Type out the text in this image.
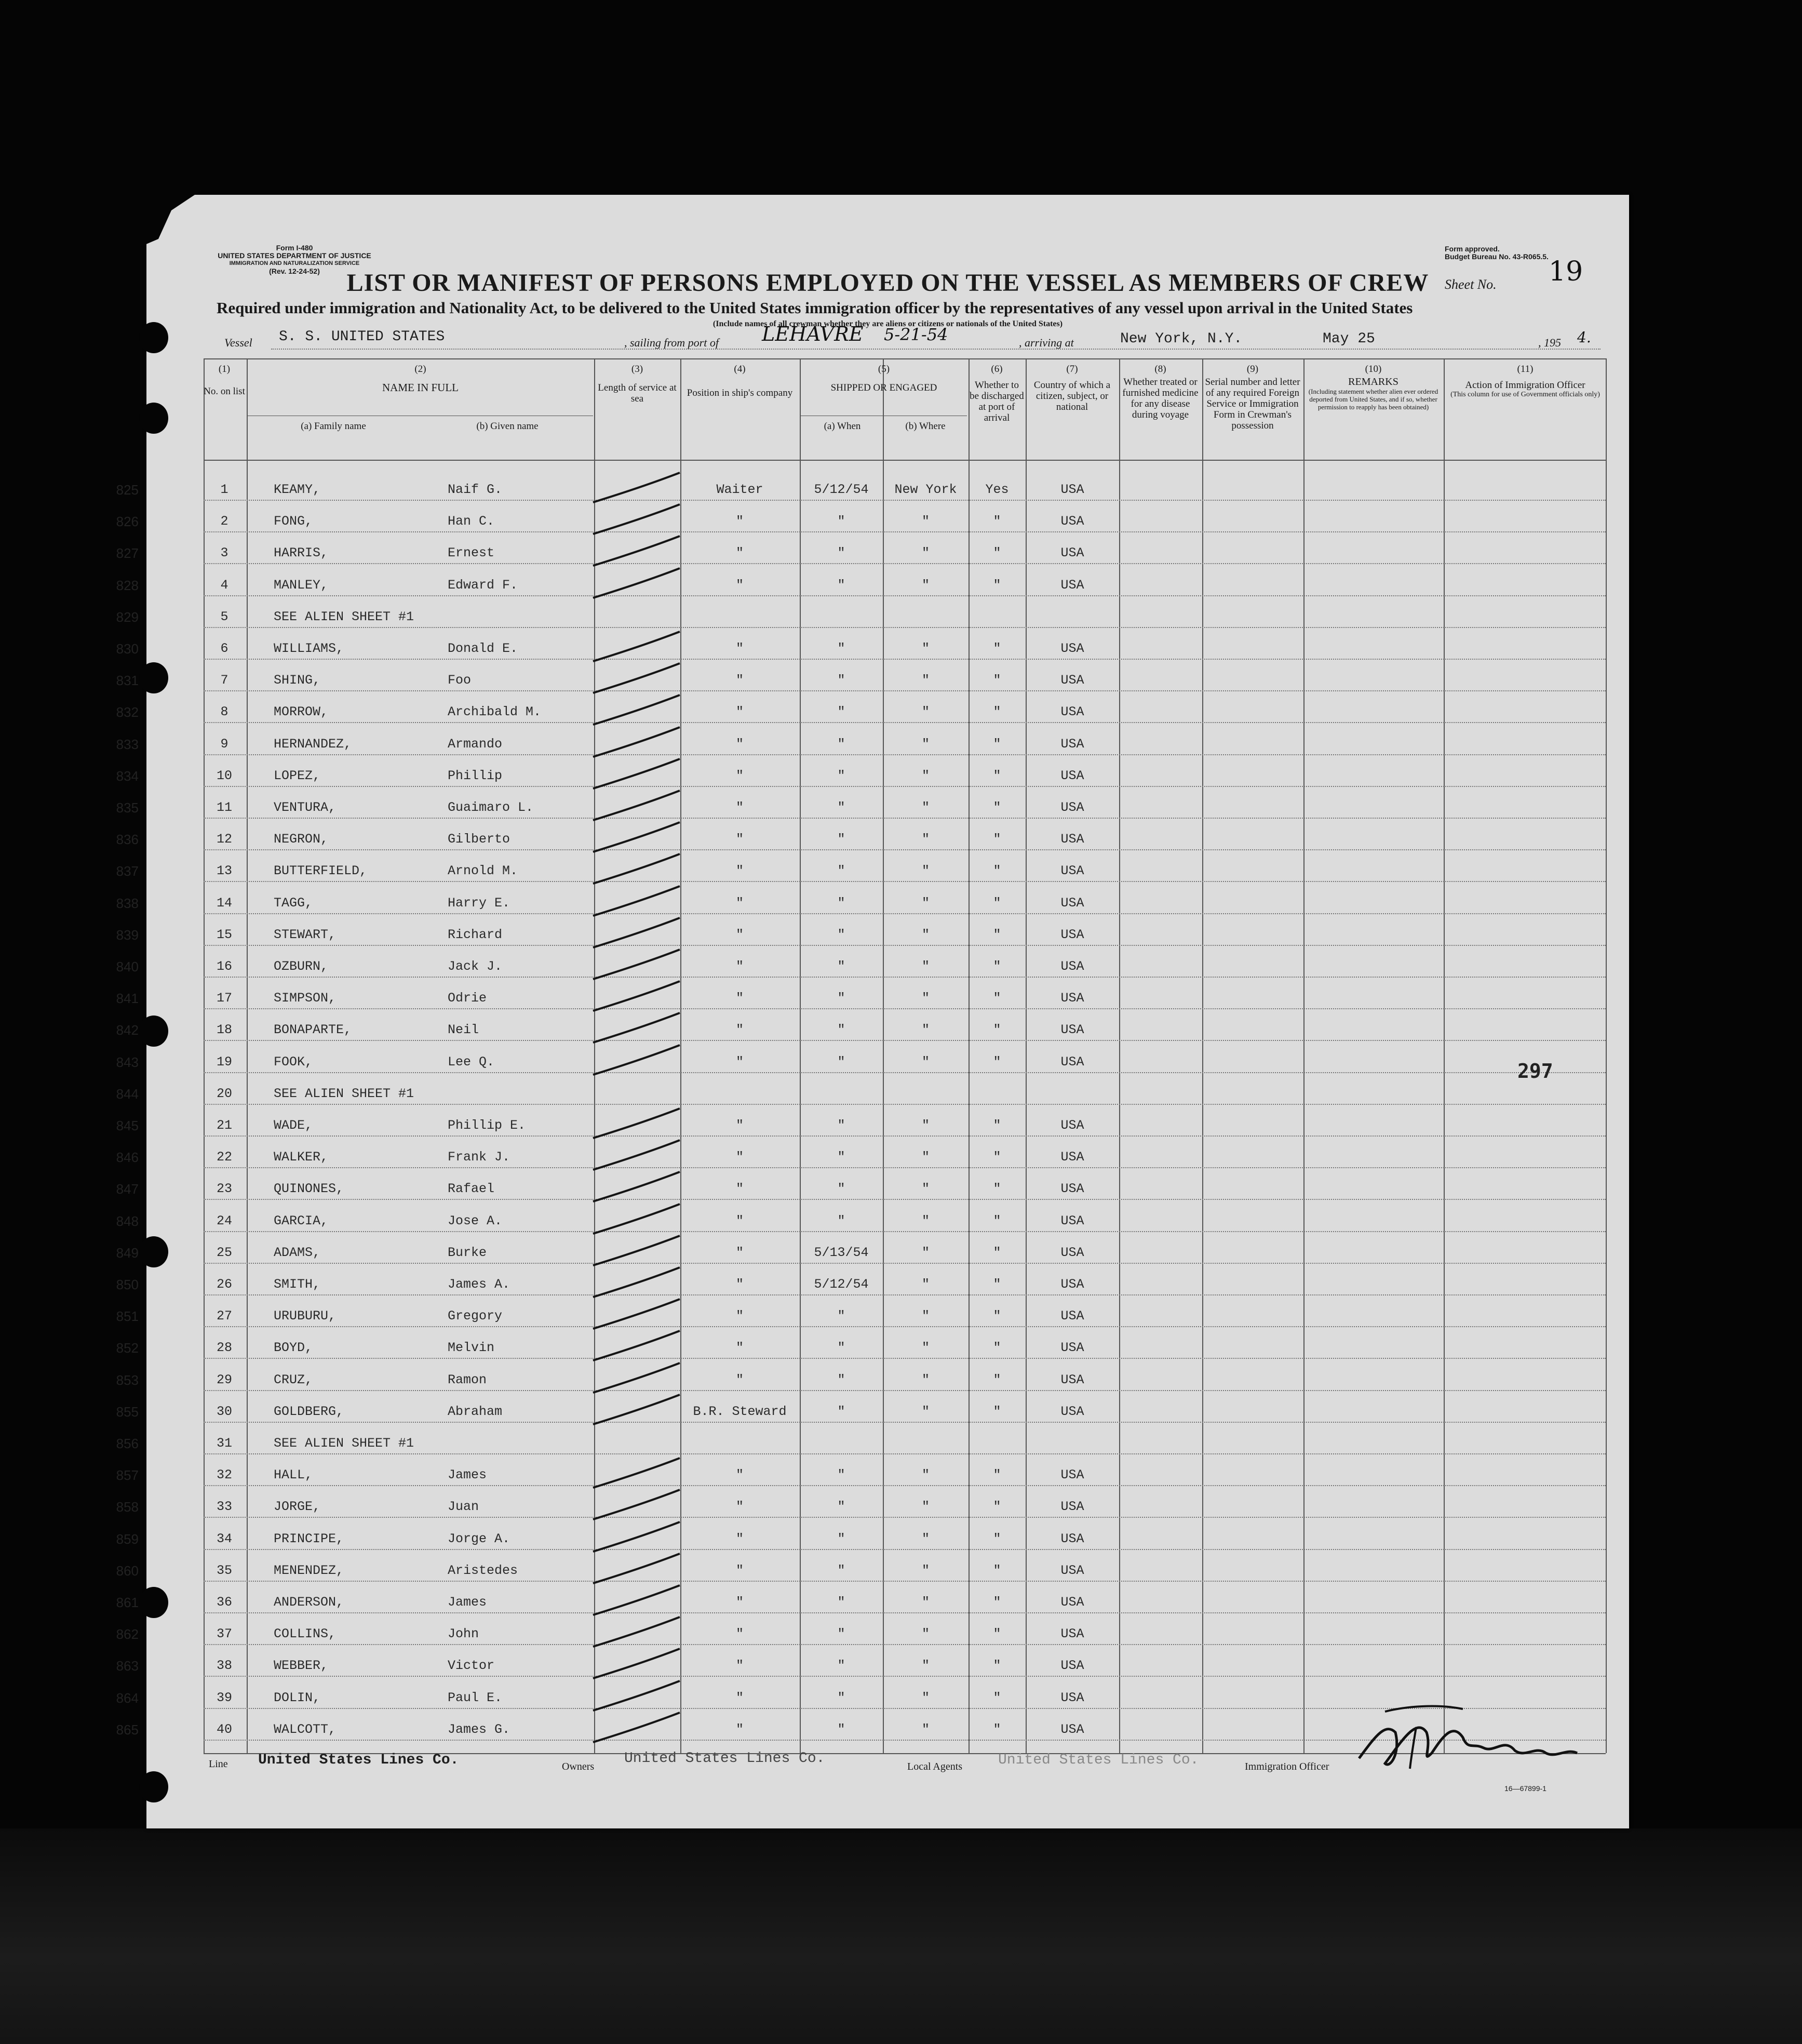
Form I-480
UNITED STATES DEPARTMENT OF JUSTICE
IMMIGRATION AND NATURALIZATION SERVICE
(Rev. 12-24-52)
Form approved.
Budget Bureau No. 43-R065.5.
LIST OR MANIFEST OF PERSONS EMPLOYED ON THE VESSEL AS MEMBERS OF CREW	Sheet No. 19
Required under immigration and Nationality Act, to be delivered to the United States immigration officer by the representatives of any vessel upon arrival in the United States
(Include names of all crewman whether they are aliens or citizens or nationals of the United States)
Vessel S. S. UNITED STATES	, sailing from port of LEHAVRE 5-21-54	, arriving at	New York, N.Y.	May 25	, 195 4.
(1)
No. on list
(2)
NAME IN FULL
(a) Family name	(b) Given name
(3)
Length of service at sea
(4)
Position in ship's company
(5)
SHIPPED OR ENGAGED
(a) When	(b) Where
(6)
Whether to be discharged at port of arrival
(7)
Country of which a citizen, subject, or national
(8)
Whether treated or furnished medicine for any disease during voyage
(9)
Serial number and letter of any required Foreign Service or Immigration Form in Crewman's possession
(10)
REMARKS
(Including statement whether alien ever ordered deported from United States, and if so, whether permission to reapply has been obtained)
(11)
Action of Immigration Officer
(This column for use of Government officials only)
825	1	KEAMY,	Naif G.	Waiter	5/12/54	New York	Yes	USA
826	2	FONG,	Han C.	"	"	"	"	USA
827	3	HARRIS,	Ernest	"	"	"	"	USA
828	4	MANLEY,	Edward F.	"	"	"	"	USA
829	5	SEE ALIEN SHEET #1
830	6	WILLIAMS,	Donald E.	"	"	"	"	USA
831	7	SHING,	Foo	"	"	"	"	USA
832	8	MORROW,	Archibald M.	"	"	"	"	USA
833	9	HERNANDEZ,	Armando	"	"	"	"	USA
834	10	LOPEZ,	Phillip	"	"	"	"	USA
835	11	VENTURA,	Guaimaro L.	"	"	"	"	USA
836	12	NEGRON,	Gilberto	"	"	"	"	USA
837	13	BUTTERFIELD,	Arnold M.	"	"	"	"	USA
838	14	TAGG,	Harry E.	"	"	"	"	USA
839	15	STEWART,	Richard	"	"	"	"	USA
840	16	OZBURN,	Jack J.	"	"	"	"	USA
841	17	SIMPSON,	Odrie	"	"	"	"	USA
842	18	BONAPARTE,	Neil	"	"	"	"	USA
843	19	FOOK,	Lee Q.	"	"	"	"	USA
844	20	SEE ALIEN SHEET #1
845	21	WADE,	Phillip E.	"	"	"	"	USA
846	22	WALKER,	Frank J.	"	"	"	"	USA
847	23	QUINONES,	Rafael	"	"	"	"	USA
848	24	GARCIA,	Jose A.	"	"	"	"	USA
849	25	ADAMS,	Burke	"	5/13/54	"	"	USA
850	26	SMITH,	James A.	"	5/12/54	"	"	USA
851	27	URUBURU,	Gregory	"	"	"	"	USA
852	28	BOYD,	Melvin	"	"	"	"	USA
853	29	CRUZ,	Ramon	"	"	"	"	USA
855	30	GOLDBERG,	Abraham	B.R. Steward	"	"	"	USA
856	31	SEE ALIEN SHEET #1
857	32	HALL,	James	"	"	"	"	USA
858	33	JORGE,	Juan	"	"	"	"	USA
859	34	PRINCIPE,	Jorge A.	"	"	"	"	USA
860	35	MENENDEZ,	Aristedes	"	"	"	"	USA
861	36	ANDERSON,	James	"	"	"	"	USA
862	37	COLLINS,	John	"	"	"	"	USA
863	38	WEBBER,	Victor	"	"	"	"	USA
864	39	DOLIN,	Paul E.	"	"	"	"	USA
865	40	WALCOTT,	James G.	"	"	"	"	USA
297
Line United States Lines Co.	Owners United States Lines Co.	Local Agents United States Lines Co.	Immigration Officer
16—67899-1
